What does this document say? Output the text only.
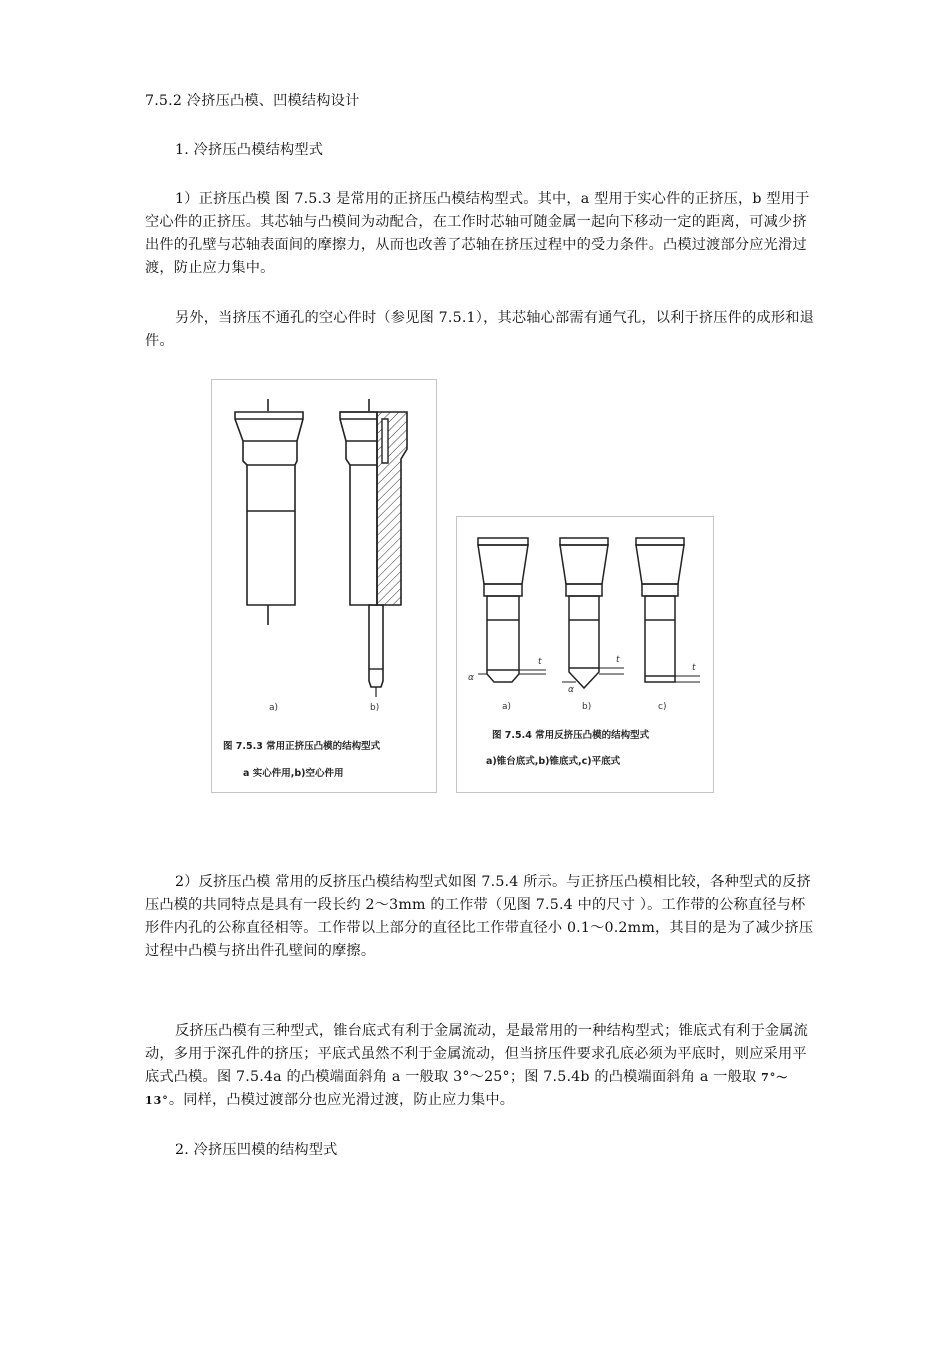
7.5.2 冷挤压凸模、凹模结构设计

1. 冷挤压凸模结构型式

1）正挤压凸模 图 7.5.3 是常用的正挤压凸模结构型式。其中，a 型用于实心件的正挤压，b 型用于空心件的正挤压。其芯轴与凸模间为动配合，在工作时芯轴可随金属一起向下移动一定的距离，可减少挤出件的孔壁与芯轴表面间的摩擦力，从而也改善了芯轴在挤压过程中的受力条件。凸模过渡部分应光滑过渡，防止应力集中。

另外，当挤压不通孔的空心件时（参见图 7.5.1），其芯轴心部需有通气孔，以利于挤压件的成形和退件。

a)	b)
图 7.5.3 常用正挤压凸模的结构型式
a 实心件用,b)空心件用
t	t
t
α
α
a)	b)	c)
图 7.5.4 常用反挤压凸模的结构型式
a)锥台底式,b)锥底式,c)平底式

2）反挤压凸模 常用的反挤压凸模结构型式如图 7.5.4 所示。与正挤压凸模相比较，各种型式的反挤压凸模的共同特点是具有一段长约 2～3mm 的工作带（见图 7.5.4 中的尺寸 ）。工作带的公称直径与杯形件内孔的公称直径相等。工作带以上部分的直径比工作带直径小 0.1～0.2mm，其目的是为了减少挤压过程中凸模与挤出件孔壁间的摩擦。

反挤压凸模有三种型式，锥台底式有利于金属流动，是最常用的一种结构型式；锥底式有利于金属流动，多用于深孔件的挤压；平底式虽然不利于金属流动，但当挤压件要求孔底必须为平底时，则应采用平底式凸模。图 7.5.4a 的凸模端面斜角 a 一般取 3°～25°；图 7.5.4b 的凸模端面斜角 a 一般取 7°～13°。同样，凸模过渡部分也应光滑过渡，防止应力集中。

2. 冷挤压凹模的结构型式
